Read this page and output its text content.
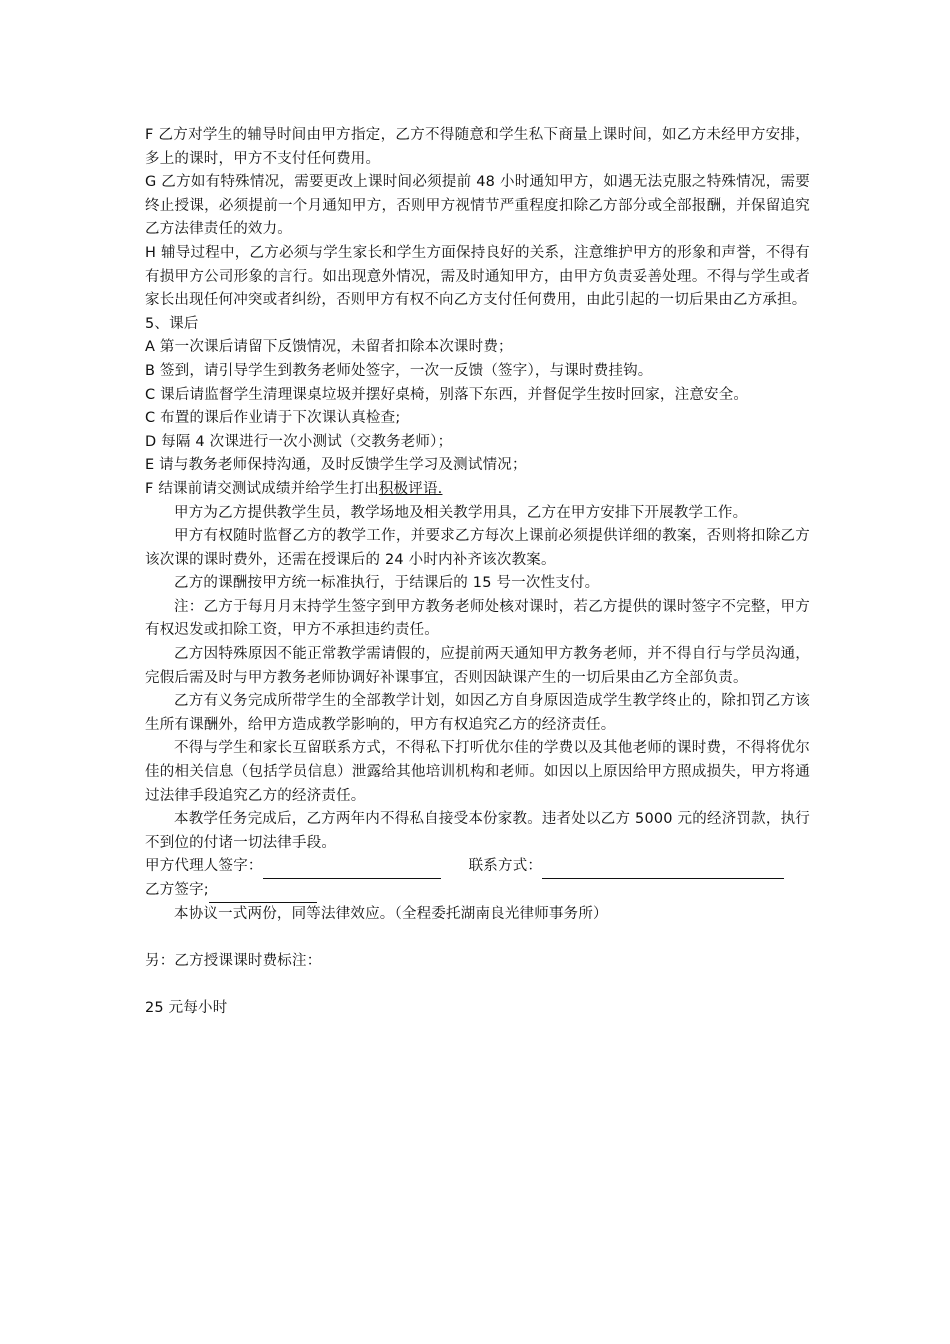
F 乙方对学生的辅导时间由甲方指定，乙方不得随意和学生私下商量上课时间，如乙方未经甲方安排，多上的课时，甲方不支付任何费用。

G 乙方如有特殊情况，需要更改上课时间必须提前 48 小时通知甲方，如遇无法克服之特殊情况，需要终止授课，必须提前一个月通知甲方，否则甲方视情节严重程度扣除乙方部分或全部报酬，并保留追究乙方法律责任的效力。

H 辅导过程中，乙方必须与学生家长和学生方面保持良好的关系，注意维护甲方的形象和声誉，不得有有损甲方公司形象的言行。如出现意外情况，需及时通知甲方，由甲方负责妥善处理。不得与学生或者家长出现任何冲突或者纠纷，否则甲方有权不向乙方支付任何费用，由此引起的一切后果由乙方承担。

5、课后

A 第一次课后请留下反馈情况，未留者扣除本次课时费；

B 签到，请引导学生到教务老师处签字，一次一反馈（签字），与课时费挂钩。

C 课后请监督学生清理课桌垃圾并摆好桌椅，别落下东西，并督促学生按时回家，注意安全。

C 布置的课后作业请于下次课认真检查;

D 每隔 4 次课进行一次小测试（交教务老师）；

E 请与教务老师保持沟通，及时反馈学生学习及测试情况；

F 结课前请交测试成绩并给学生打出积极评语.

甲方为乙方提供教学生员，教学场地及相关教学用具，乙方在甲方安排下开展教学工作。

甲方有权随时监督乙方的教学工作，并要求乙方每次上课前必须提供详细的教案，否则将扣除乙方该次课的课时费外，还需在授课后的 24 小时内补齐该次教案。

乙方的课酬按甲方统一标准执行，于结课后的 15 号一次性支付。

注：乙方于每月月末持学生签字到甲方教务老师处核对课时，若乙方提供的课时签字不完整，甲方有权迟发或扣除工资，甲方不承担违约责任。

乙方因特殊原因不能正常教学需请假的，应提前两天通知甲方教务老师，并不得自行与学员沟通，完假后需及时与甲方教务老师协调好补课事宜，否则因缺课产生的一切后果由乙方全部负责。

乙方有义务完成所带学生的全部教学计划，如因乙方自身原因造成学生教学终止的，除扣罚乙方该生所有课酬外，给甲方造成教学影响的，甲方有权追究乙方的经济责任。

不得与学生和家长互留联系方式，不得私下打听优尔佳的学费以及其他老师的课时费，不得将优尔佳的相关信息（包括学员信息）泄露给其他培训机构和老师。如因以上原因给甲方照成损失，甲方将通过法律手段追究乙方的经济责任。

本教学任务完成后，乙方两年内不得私自接受本份家教。违者处以乙方 5000 元的经济罚款，执行不到位的付诸一切法律手段。

甲方代理人签字：	联系方式：
乙方签字;

本协议一式两份，同等法律效应。（全程委托湖南良光律师事务所）

另：乙方授课课时费标注：

25 元每小时
